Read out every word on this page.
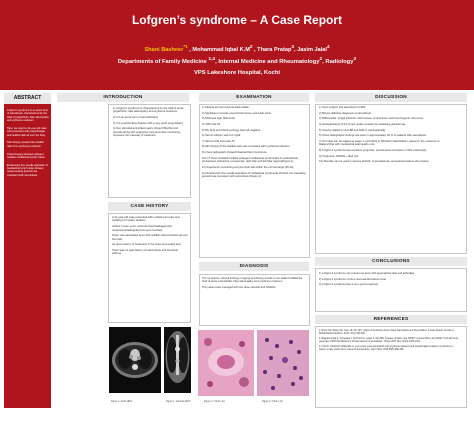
Lofgren’s syndrome – A Case Report
Shani Basheer$^{*1}$ , Mohammad Iqbal $K.M^2$ , Thara Pratap$^3$, Jasim Jalal$^4$
Departments of Family Medicine $^{1,4}$, Internal Medicine and Rheumatology$^2$, Radiology$^3$
VPS Lakeshore Hospital, Kochi
ABSTRACT

Lofgren's syndrome is an acute form of sarcoidosis, characterized by the triad of polyarthritis, hilar adenopathy and erythema nodosum.

Here, we report a 41-year-old male who presented with polyarthralgia and reddish rash all over the body.

Skin biopsy revealed the reddish rash to be erythema nodosum.

Chest imaging showed enlarged multiple mediastinal lymph nodes.

Endoscopic fine needle aspiration of mediastinal lymph node showed nonsecreating granulomas consistent with sarcoidosis.

INTRODUCTION

1) Lofgren’s syndrome is characterized by the triad of acute polyarthritis, hilar adenopathy and erythema nodosum.

2) It is an acute form of sarcoidosis[1].

3) It is a self-limiting disease with a very good prognosis[2].

4) Non steroidal anti-inflammatory drugs (NSAIDs) and steroids along with supportive care and close monitoring, represent the mainstay of treatment.

CASE HISTORY

A 41-year-old male presented with multiple joint pain and swelling of 3 weeks duration.

Ankles, knees, wrist, proximal interphalangeal and metacarpophalangeal joints were involved.

There was associated fever with reddish colored rashes all over the body.

He gives history of heaviness in the chest and weight loss.

There was no past history of tuberculosis and bronchial asthma.

EXAMINATION

1) Afebrile and hemodynamically stable.

2) Significant synovitis around both knees and ankle joints.

3) ESR was high (94mm/hr).

4) CRP was 64.

5) RF, ANA and ANCA serology were all negative.

6) Serum calcium was 9.2 mg/dl.

7) Serum ACE level was 76.

8) Skin biopsy of the reddish rash was consistent with erythema nodosum.

9) Chest radiograph showed bilateral hilar prominence.

10) CT chest revealed multiple enlarged mediastinal lymphnodes in paratracheal, pretracheal, subcarinal, prevascular, right hilar and left hilar regions[Figure 1].

11) Angiotensin converting enzyme level was within the normal range [36-12].

12) Endoscopic fine needle aspiration of mediastinal lymphnode showed non caseating granulomas consistent with sarcoidosis [Figure 2].

DIAGNOSIS

The symptoms, clinical findings, imaging and biopsy results in our patient fulfilled the triad of acute polyarthritis, hilar adenopathy and erythema nodosum.

The patient was managed with low dose steroids and NSAIDs.

DISCUSSION

1) Sven Lofgren first described in 1953.

2) Biopsy definitive diagnosis of sarcoidosis.

3) Differentials: fungal infection, tuberculosis, lymphomas, and bronchogenic carcinoma.

4) Histopathology of the lymph nodes reveals non-caseating granulomas.

5) Closely related to HLA-B8 and DR3 in Caucasians[3].

6) Chest radiographic findings are seen in approximately 90 % of patients with sarcoidosis.

7) Our case can be staged as stage 1, according to Siltzbach classification, based on the presence of bilateral hilar with mediastinal adenopathy only.

8) Lofgren’s syndrome has excellent prognosis, spontaneous remission in 90% patients[4].

9) Treatment: NSAIDs + Bed rest

10) Steroids can be used in serious arthritis, hypercalcemia, and granulomatous skin lesions.

CONCLUSIONS

1) Lofgren’s syndrome can present as fever with generalized rash and arthralgia.

2) Lofgren’s syndrome mimics viral exanthematous fever.

3) Lofgren’s syndrome has a very good prognosis.

REFERENCES

1. Brum CM, Wang GN, Yoon JS, Kim SH. Lofgren’s Syndrome Acute Onset Sarcoidosis and Presentation: A Case Report. Annals of Rehabilitation Medicine. 2013; 37(1):180-186.

2. Bagnale-Kuda K, Tymeceka J, Suchocki S, Lange A, Woj MB. Increase of CD4+ and CD68 T cell and CD3+ and CD68 T cell with more respective CMV8 specificities in clinical variants of sarcoidosis. Thorax 2017 Dec;72(12):1006-1013.

3. Onta R, Tobana R, Watanabe A, et al. Acute onset sarcoidosis with erythema nodosum and polyarthralgia (Lofgren’s syndrome) in Japan: a case report and a review of the literature. Intern Med. 2016;55(5):469-459.

Figure 1. Axial CECT	Figure 1. Coronal CECT	Figure 2. H & E x 10	Figure 2. H & E x 40
